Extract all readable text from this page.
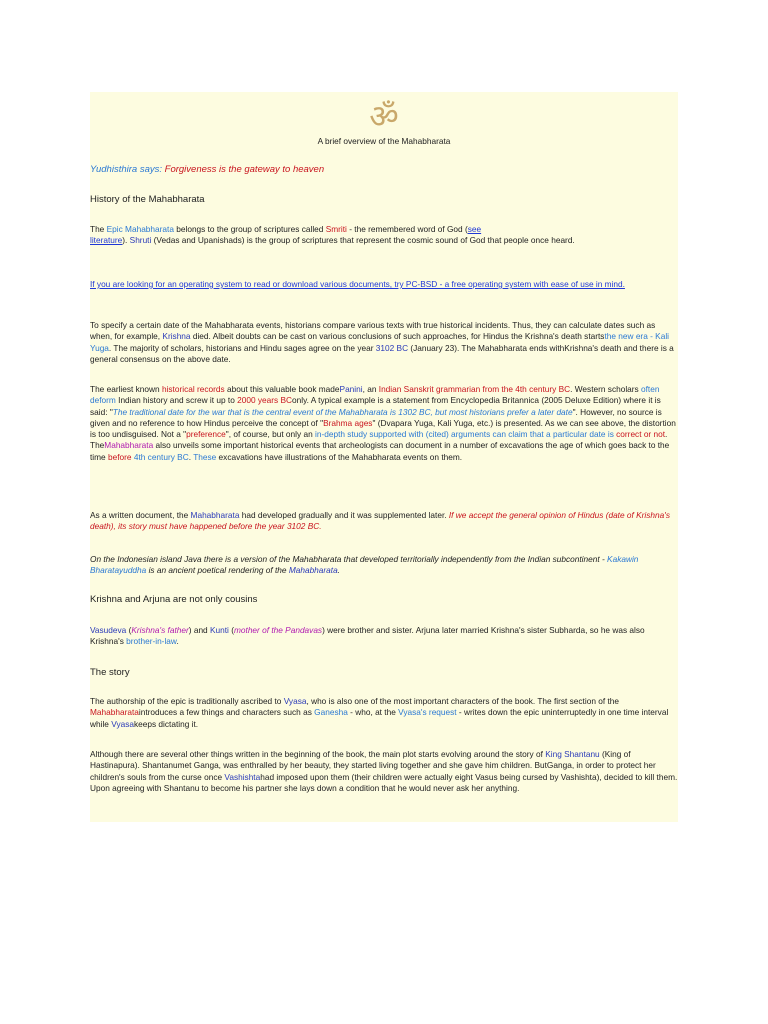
ॐ
A brief overview of the Mahabharata
Yudhisthira says: Forgiveness is the gateway to heaven
History of the Mahabharata

The Epic Mahabharata belongs to the group of scriptures called Smriti - the remembered word of God (see
literature). Shruti (Vedas and Upanishads) is the group of scriptures that represent the cosmic sound of God that people once heard.

If you are looking for an operating system to read or download various documents, try PC-BSD - a free operating system with ease of use in mind.

To specify a certain date of the Mahabharata events, historians compare various texts with true historical incidents. Thus, they can calculate dates such as when, for example, Krishna died. Albeit doubts can be cast on various conclusions of such approaches, for Hindus the Krishna's death startsthe new era - Kali Yuga. The majority of scholars, historians and Hindu sages agree on the year 3102 BC (January 23). The Mahabharata ends withKrishna's death and there is a general consensus on the above date.

The earliest known historical records about this valuable book madePanini, an Indian Sanskrit grammarian from the 4th century BC. Western scholars often deform Indian history and screw it up to 2000 years BConly. A typical example is a statement from Encyclopedia Britannica (2005 Deluxe Edition) where it is said: "The traditional date for the war that is the central event of the Mahabharata is 1302 BC, but most historians prefer a later date". However, no source is given and no reference to how Hindus perceive the concept of "Brahma ages" (Dvapara Yuga, Kali Yuga, etc.) is presented. As we can see above, the distortion is too undisguised. Not a "preference", of course, but only an in-depth study supported with (cited) arguments can claim that a particular date is correct or not. TheMahabharata also unveils some important historical events that archeologists can document in a number of excavations the age of which goes back to the time before 4th century BC. These excavations have illustrations of the Mahabharata events on them.

As a written document, the Mahabharata had developed gradually and it was supplemented later. If we accept the general opinion of Hindus (date of Krishna's death), its story must have happened before the year 3102 BC.

On the Indonesian island Java there is a version of the Mahabharata that developed territorially independently from the Indian subcontinent - Kakawin Bharatayuddha is an ancient poetical rendering of the Mahabharata.

Krishna and Arjuna are not only cousins

Vasudeva (Krishna's father) and Kunti (mother of the Pandavas) were brother and sister. Arjuna later married Krishna's sister Subharda, so he was also Krishna's brother-in-law.

The story

The authorship of the epic is traditionally ascribed to Vyasa, who is also one of the most important characters of the book. The first section of the Mahabharataintroduces a few things and characters such as Ganesha - who, at the Vyasa's request - writes down the epic uninterruptedly in one time interval while Vyasakeeps dictating it.

Although there are several other things written in the beginning of the book, the main plot starts evolving around the story of King Shantanu (King of Hastinapura). Shantanumet Ganga, was enthralled by her beauty, they started living together and she gave him children. ButGanga, in order to protect her children's souls from the curse once Vashishtahad imposed upon them (their children were actually eight Vasus being cursed by Vashishta), decided to kill them. Upon agreeing with Shantanu to become his partner she lays down a condition that he would never ask her anything.
